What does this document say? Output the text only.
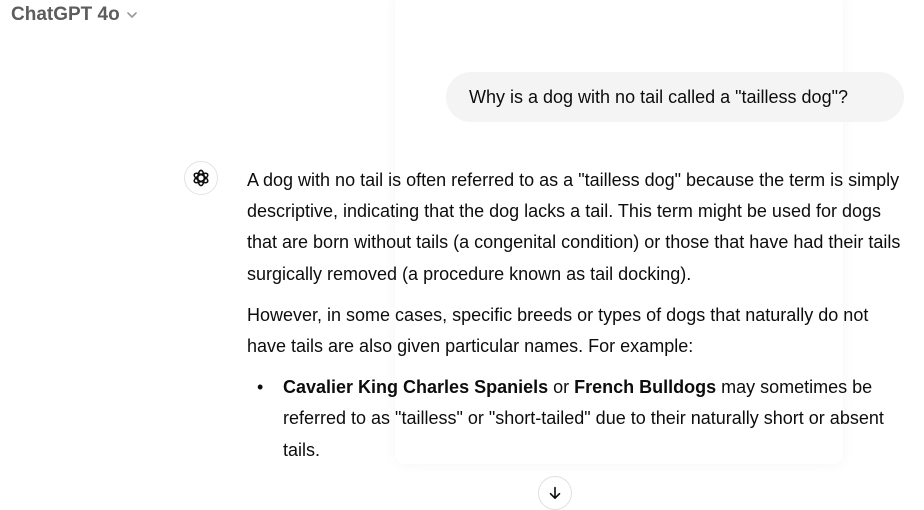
ChatGPT 4o
Why is a dog with no tail called a "tailless dog"?

A dog with no tail is often referred to as a "tailless dog" because the term is simply descriptive, indicating that the dog lacks a tail. This term might be used for dogs that are born without tails (a congenital condition) or those that have had their tails surgically removed (a procedure known as tail docking).

However, in some cases, specific breeds or types of dogs that naturally do not have tails are also given particular names. For example:

• Cavalier King Charles Spaniels or French Bulldogs may sometimes be referred to as "tailless" or "short-tailed" due to their naturally short or absent tails.
